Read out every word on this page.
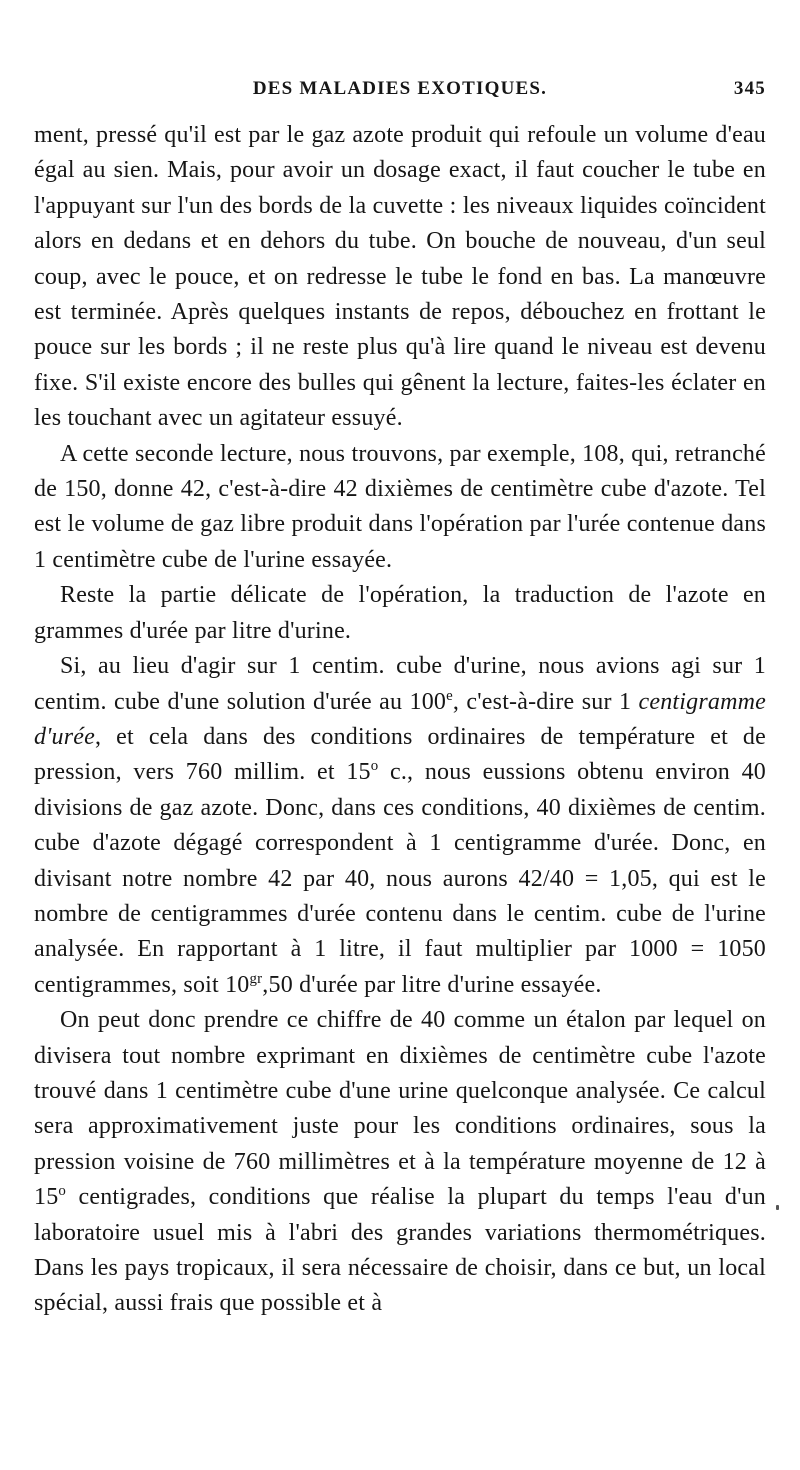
DES MALADIES EXOTIQUES.	345

ment, pressé qu'il est par le gaz azote produit qui refoule un volume d'eau égal au sien. Mais, pour avoir un dosage exact, il faut coucher le tube en l'appuyant sur l'un des bords de la cuvette : les niveaux liquides coïncident alors en dedans et en dehors du tube. On bouche de nouveau, d'un seul coup, avec le pouce, et on redresse le tube le fond en bas. La manœuvre est terminée. Après quelques instants de repos, débouchez en frottant le pouce sur les bords ; il ne reste plus qu'à lire quand le niveau est devenu fixe. S'il existe encore des bulles qui gênent la lecture, faites-les éclater en les touchant avec un agitateur essuyé.

A cette seconde lecture, nous trouvons, par exemple, 108, qui, retranché de 150, donne 42, c'est-à-dire 42 dixièmes de centimètre cube d'azote. Tel est le volume de gaz libre produit dans l'opération par l'urée contenue dans 1 centimètre cube de l'urine essayée.

Reste la partie délicate de l'opération, la traduction de l'azote en grammes d'urée par litre d'urine.

Si, au lieu d'agir sur 1 centim. cube d'urine, nous avions agi sur 1 centim. cube d'une solution d'urée au 100e, c'est-à-dire sur 1 centigramme d'urée, et cela dans des conditions ordinaires de température et de pression, vers 760 millim. et 15$^o$ c., nous eussions obtenu environ 40 divisions de gaz azote. Donc, dans ces conditions, 40 dixièmes de centim. cube d'azote dégagé correspondent à 1 centigramme d'urée. Donc, en divisant notre nombre 42 par 40, nous aurons 42/40 = 1,05, qui est le nombre de centigrammes d'urée contenu dans le centim. cube de l'urine analysée. En rapportant à 1 litre, il faut multiplier par 1000 = 1050 centigrammes, soit $10^{gr},50$ d'urée par litre d'urine essayée.

On peut donc prendre ce chiffre de 40 comme un étalon par lequel on divisera tout nombre exprimant en dixièmes de centimètre cube l'azote trouvé dans 1 centimètre cube d'une urine quelconque analysée. Ce calcul sera approximativement juste pour les conditions ordinaires, sous la pression voisine de 760 millimètres et à la température moyenne de 12 à 15$^o$ centigrades, conditions que réalise la plupart du temps l'eau d'un laboratoire usuel mis à l'abri des grandes variations thermométriques. Dans les pays tropicaux, il sera nécessaire de choisir, dans ce but, un local spécial, aussi frais que possible et à
